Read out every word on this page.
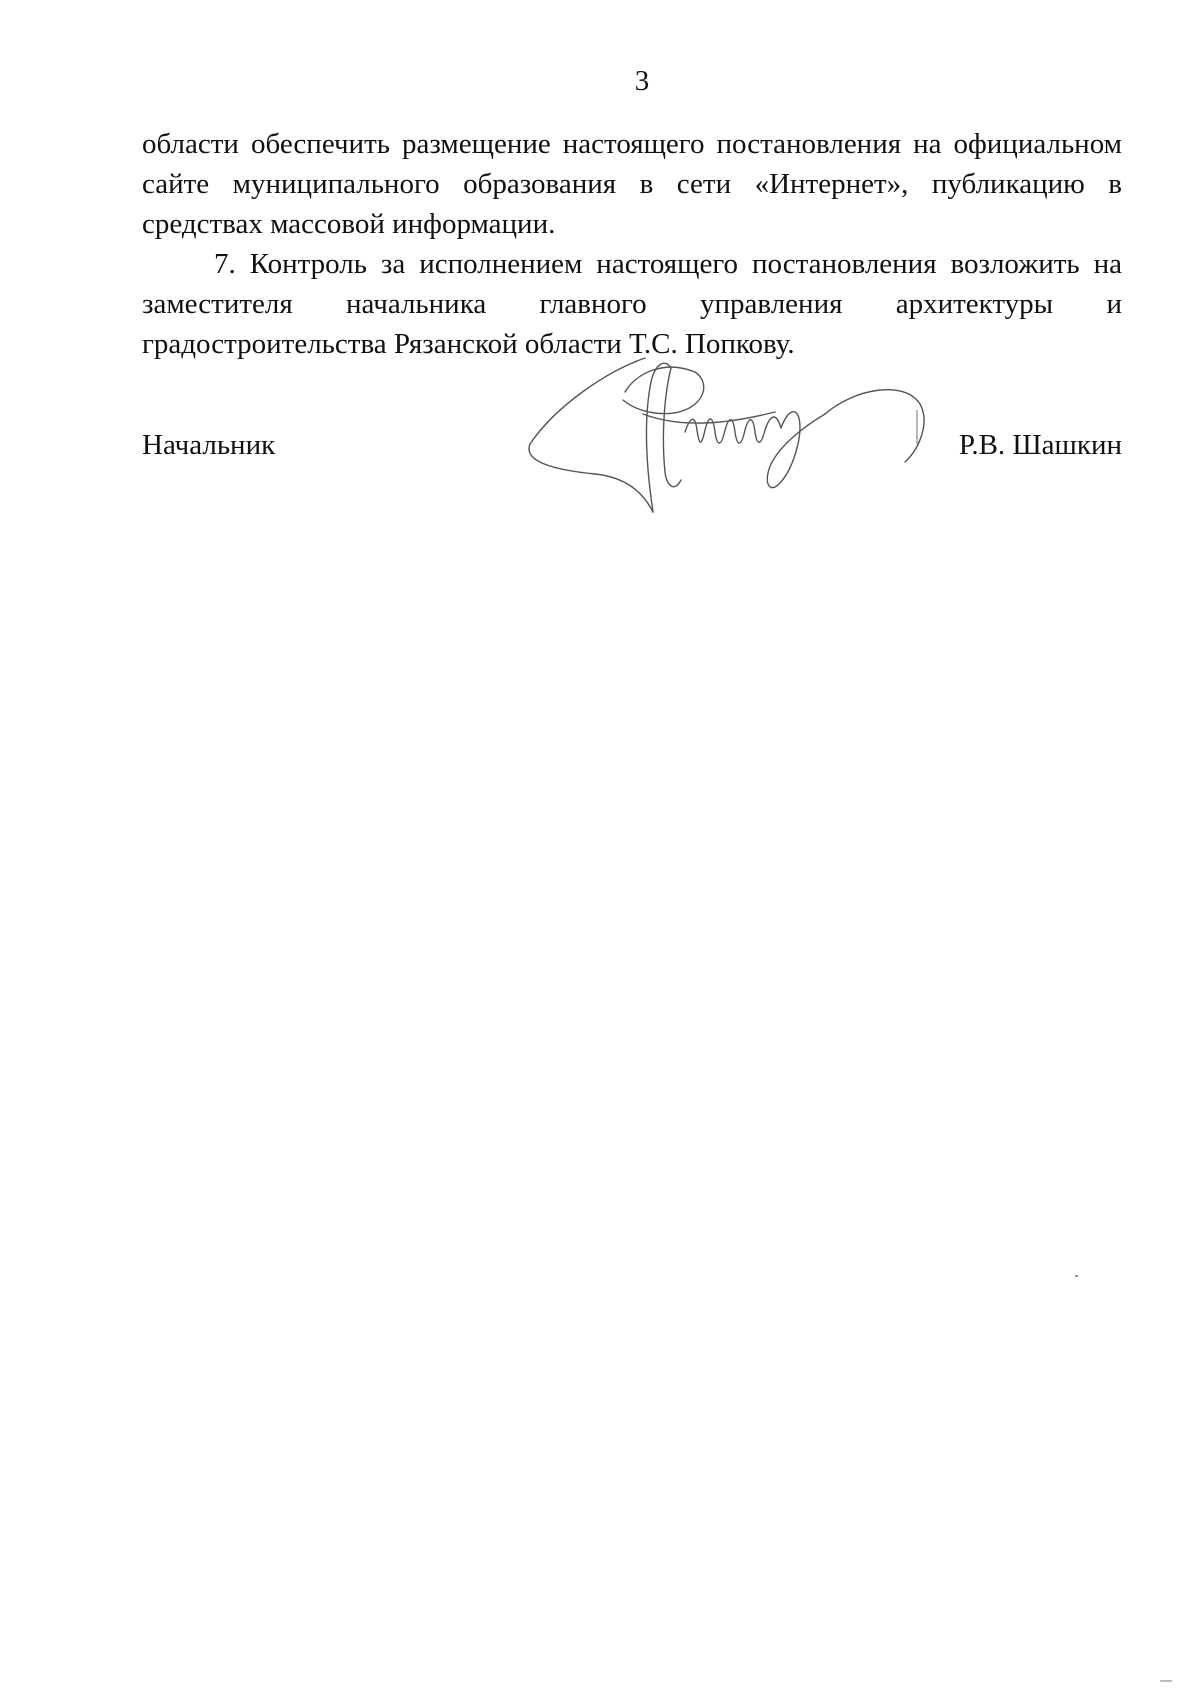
3

области обеспечить размещение настоящего постановления на официальном сайте муниципального образования в сети «Интернет», публикацию в средствах массовой информации.

7. Контроль за исполнением настоящего постановления возложить на заместителя начальника главного управления архитектуры и градостроительства Рязанской области Т.С. Попкову.

Начальник	Р.В. Шашкин
